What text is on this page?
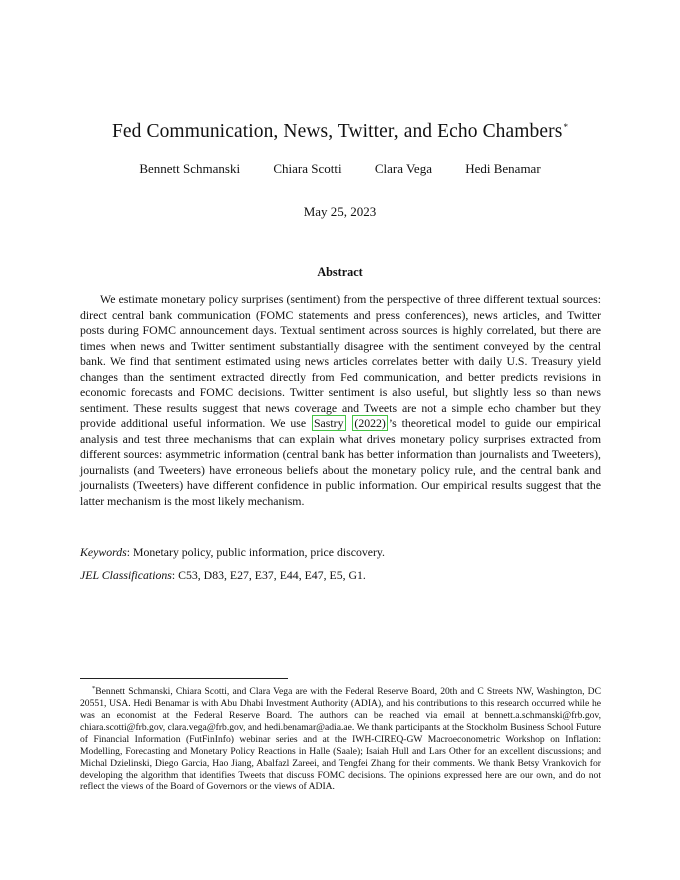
Fed Communication, News, Twitter, and Echo Chambers*
Bennett Schmanski	Chiara Scotti	Clara Vega	Hedi Benamar
May 25, 2023
Abstract

We estimate monetary policy surprises (sentiment) from the perspective of three different textual sources: direct central bank communication (FOMC statements and press conferences), news articles, and Twitter posts during FOMC announcement days. Textual sentiment across sources is highly correlated, but there are times when news and Twitter sentiment substantially disagree with the sentiment conveyed by the central bank. We find that sentiment estimated using news articles correlates better with daily U.S. Treasury yield changes than the sentiment extracted directly from Fed communication, and better predicts revisions in economic forecasts and FOMC decisions. Twitter sentiment is also useful, but slightly less so than news sentiment. These results suggest that news coverage and Tweets are not a simple echo chamber but they provide additional useful information. We use Sastry (2022) ’s theoretical model to guide our empirical analysis and test three mechanisms that can explain what drives monetary policy surprises extracted from different sources: asymmetric information (central bank has better information than journalists and Tweeters), journalists (and Tweeters) have erroneous beliefs about the monetary policy rule, and the central bank and journalists (Tweeters) have different confidence in public information. Our empirical results suggest that the latter mechanism is the most likely mechanism.

Keywords: Monetary policy, public information, price discovery.

JEL Classifications: C53, D83, E27, E37, E44, E47, E5, G1.

*Bennett Schmanski, Chiara Scotti, and Clara Vega are with the Federal Reserve Board, 20th and C Streets NW, Washington, DC 20551, USA. Hedi Benamar is with Abu Dhabi Investment Authority (ADIA), and his contributions to this research occurred while he was an economist at the Federal Reserve Board. The authors can be reached via email at bennett.a.schmanski@frb.gov, chiara.scotti@frb.gov, clara.vega@frb.gov, and hedi.benamar@adia.ae. We thank participants at the Stockholm Business School Future of Financial Information (FutFinInfo) webinar series and at the IWH-CIREQ-GW Macroeconometric Workshop on Inflation: Modelling, Forecasting and Monetary Policy Reactions in Halle (Saale); Isaiah Hull and Lars Other for an excellent discussions; and Michal Dzielinski, Diego Garcia, Hao Jiang, Abalfazl Zareei, and Tengfei Zhang for their comments. We thank Betsy Vrankovich for developing the algorithm that identifies Tweets that discuss FOMC decisions. The opinions expressed here are our own, and do not reflect the views of the Board of Governors or the views of ADIA.
